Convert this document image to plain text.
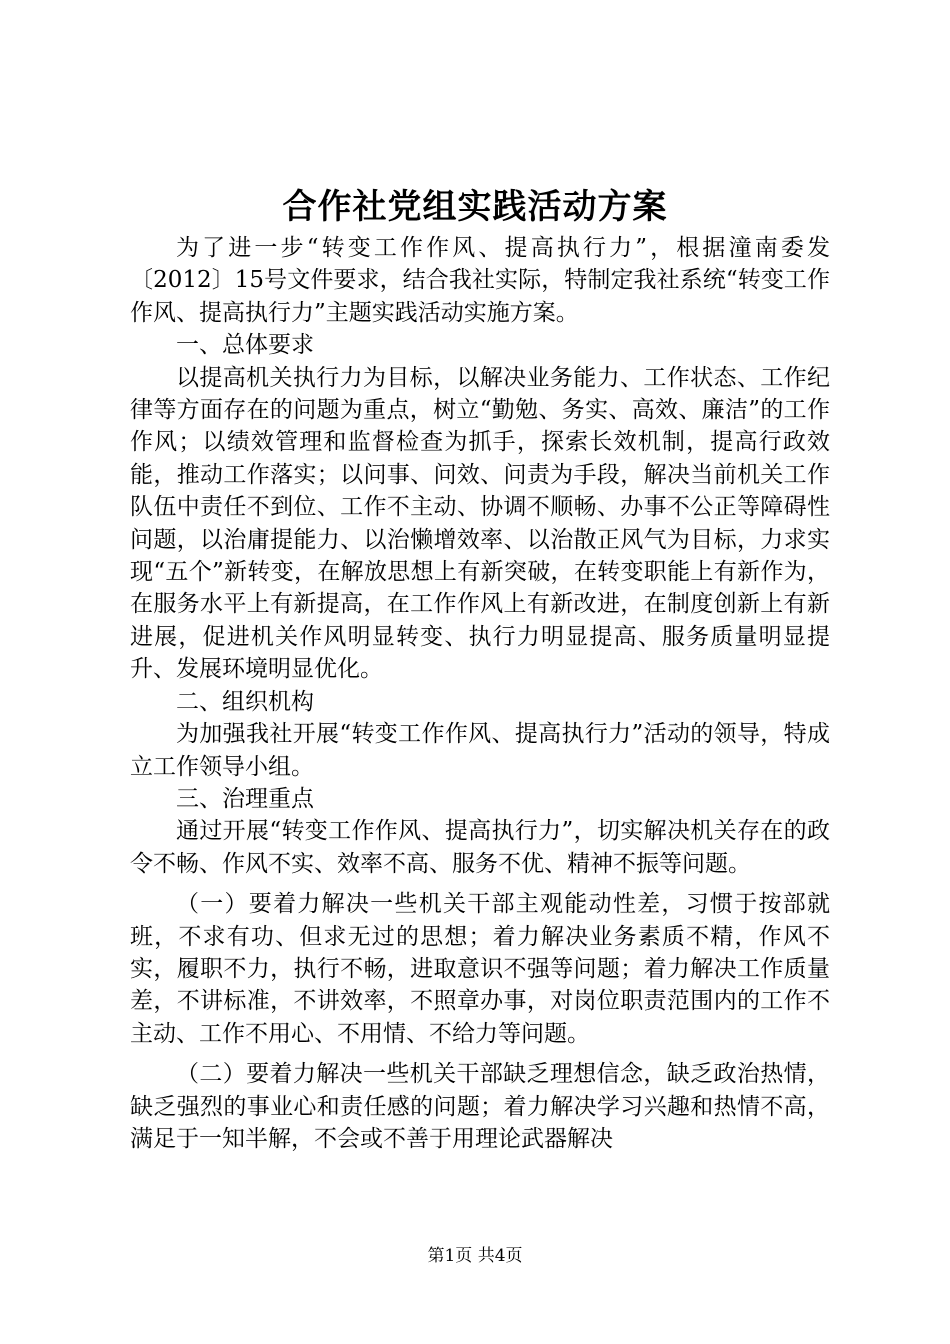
合作社党组实践活动方案

为了进一步“转变工作作风、提高执行力”，根据潼南委发〔2012〕15号文件要求，结合我社实际，特制定我社系统“转变工作作风、提高执行力”主题实践活动实施方案。

一、总体要求

以提高机关执行力为目标，以解决业务能力、工作状态、工作纪律等方面存在的问题为重点，树立“勤勉、务实、高效、廉洁”的工作作风；以绩效管理和监督检查为抓手，探索长效机制，提高行政效能，推动工作落实；以问事、问效、问责为手段，解决当前机关工作队伍中责任不到位、工作不主动、协调不顺畅、办事不公正等障碍性问题，以治庸提能力、以治懒增效率、以治散正风气为目标，力求实现“五个”新转变，在解放思想上有新突破，在转变职能上有新作为，在服务水平上有新提高，在工作作风上有新改进，在制度创新上有新进展，促进机关作风明显转变、执行力明显提高、服务质量明显提升、发展环境明显优化。

二、组织机构

为加强我社开展“转变工作作风、提高执行力”活动的领导，特成立工作领导小组。

三、治理重点

通过开展“转变工作作风、提高执行力”，切实解决机关存在的政令不畅、作风不实、效率不高、服务不优、精神不振等问题。

（一）要着力解决一些机关干部主观能动性差，习惯于按部就班，不求有功、但求无过的思想；着力解决业务素质不精，作风不实，履职不力，执行不畅，进取意识不强等问题；着力解决工作质量差，不讲标准，不讲效率，不照章办事，对岗位职责范围内的工作不主动、工作不用心、不用情、不给力等问题。

（二）要着力解决一些机关干部缺乏理想信念，缺乏政治热情，缺乏强烈的事业心和责任感的问题；着力解决学习兴趣和热情不高，满足于一知半解，不会或不善于用理论武器解决

第1页 共4页
